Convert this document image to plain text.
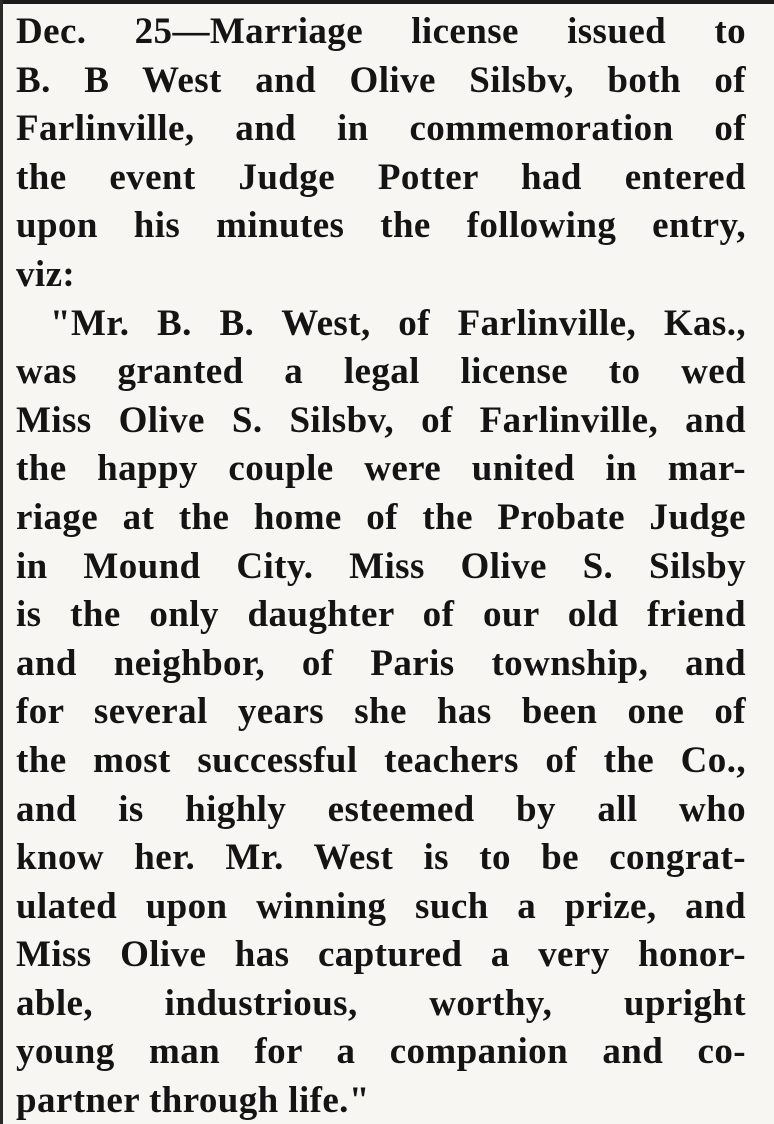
Dec. 25—Marriage license issued to
B. B West and Olive Silsbv, both of
Farlinville, and in commemoration of
the event Judge Potter had entered
upon his minutes the following entry,
viz:
"Mr. B. B. West, of Farlinville, Kas.,
was granted a legal license to wed
Miss Olive S. Silsbv, of Farlinville, and
the happy couple were united in mar-
riage at the home of the Probate Judge
in Mound City. Miss Olive S. Silsby
is the only daughter of our old friend
and neighbor, of Paris township, and
for several years she has been one of
the most successful teachers of the Co.,
and is highly esteemed by all who
know her. Mr. West is to be congrat-
ulated upon winning such a prize, and
Miss Olive has captured a very honor-
able, industrious, worthy, upright
young man for a companion and co-
partner through life."
